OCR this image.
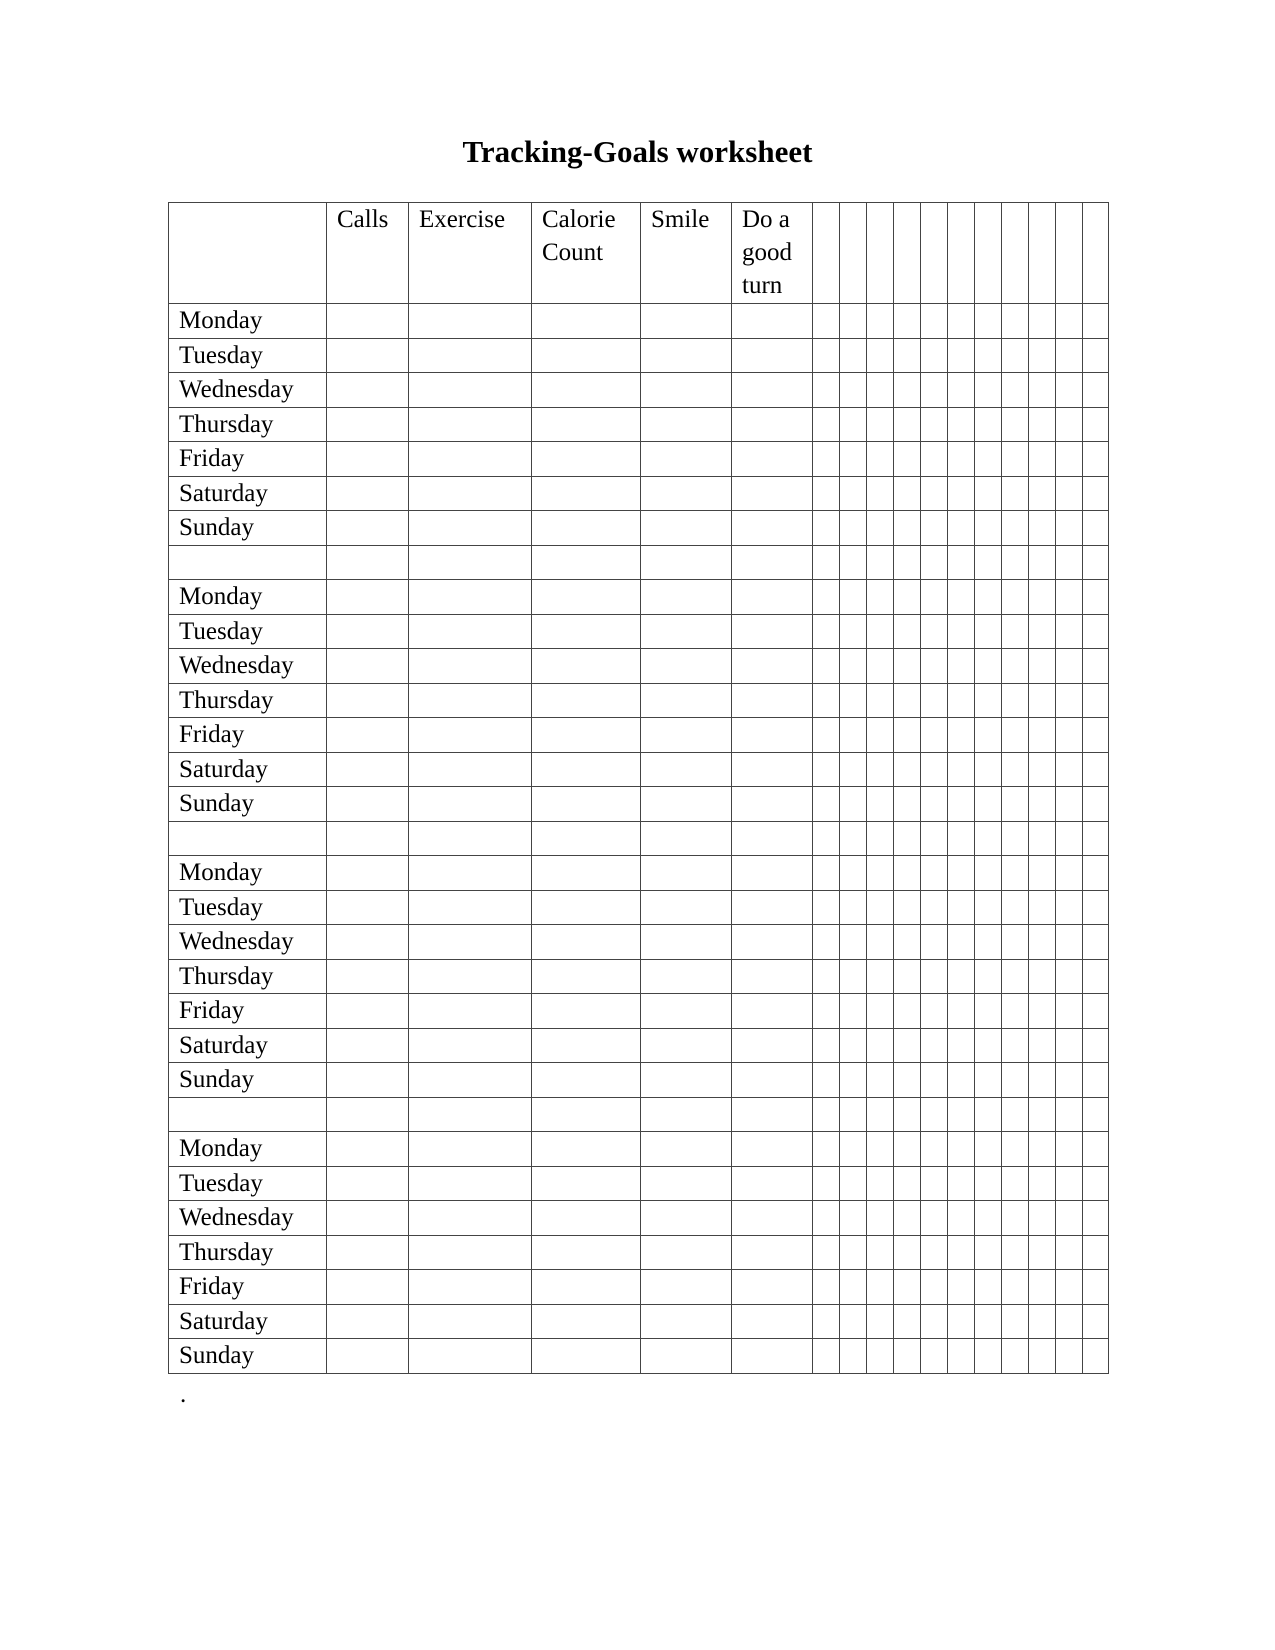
Tracking-Goals worksheet
	Calls	Exercise	Calorie Count	Smile	Do a good turn											
Monday																
Tuesday																
Wednesday																
Thursday																
Friday																
Saturday																
Sunday																

Monday																
Tuesday																
Wednesday																
Thursday																
Friday																
Saturday																
Sunday																

Monday																
Tuesday																
Wednesday																
Thursday																
Friday																
Saturday																
Sunday																

Monday																
Tuesday																
Wednesday																
Thursday																
Friday																
Saturday																
Sunday																
.
